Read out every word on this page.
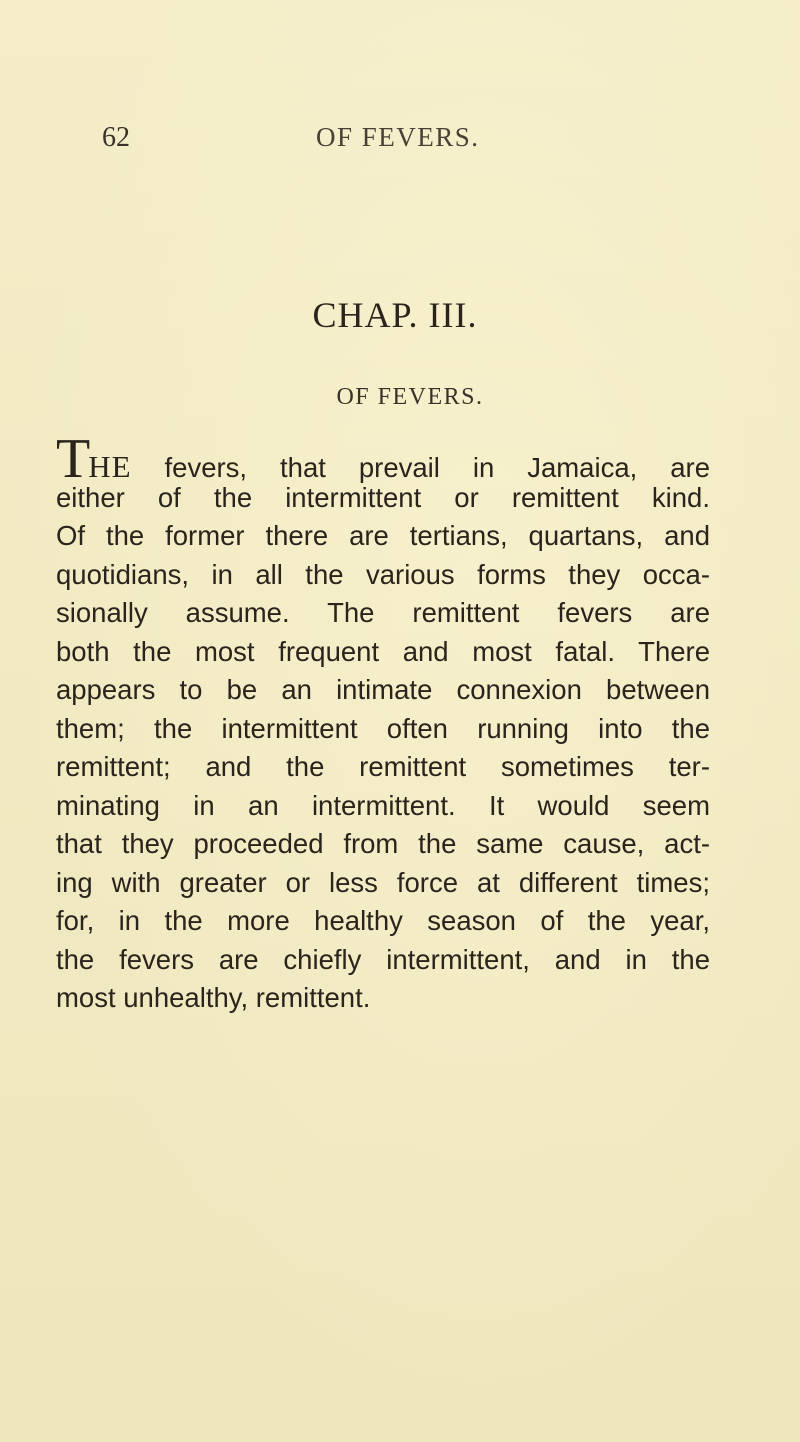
62	OF FEVERS.
CHAP. III.
OF FEVERS.
THE fevers, that prevail in Jamaica, are
either of the intermittent or remittent kind.
Of the former there are tertians, quartans, and
quotidians, in all the various forms they occa-
sionally assume. The remittent fevers are
both the most frequent and most fatal. There
appears to be an intimate connexion between
them; the intermittent often running into the
remittent; and the remittent sometimes ter-
minating in an intermittent. It would seem
that they proceeded from the same cause, act-
ing with greater or less force at different times;
for, in the more healthy season of the year,
the fevers are chiefly intermittent, and in the
most unhealthy, remittent.
